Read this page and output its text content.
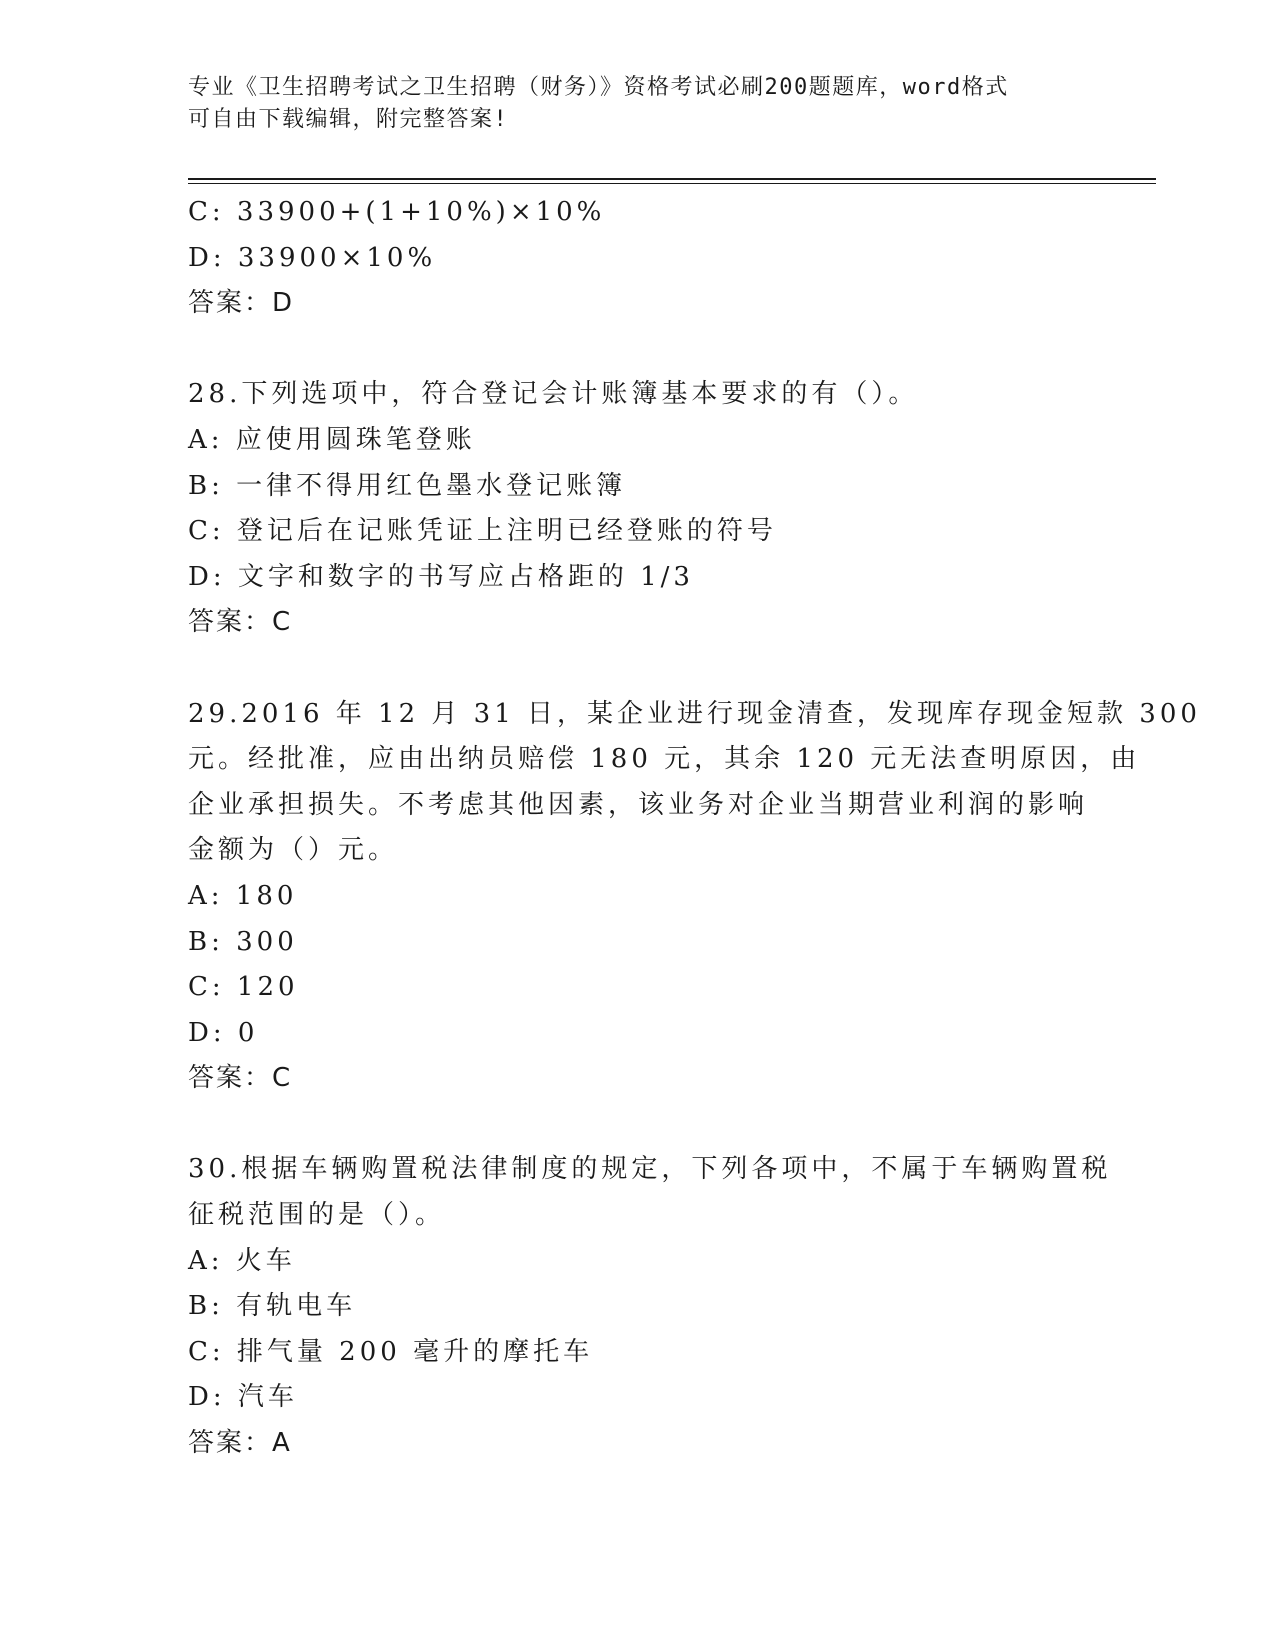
专业《卫生招聘考试之卫生招聘（财务）》资格考试必刷200题题库，word格式
可自由下载编辑，附完整答案!
C: 33900+(1+10%)×10%
D: 33900×10%
答案：D
28.下列选项中，符合登记会计账簿基本要求的有（）。
A: 应使用圆珠笔登账
B: 一律不得用红色墨水登记账簿
C: 登记后在记账凭证上注明已经登账的符号
D: 文字和数字的书写应占格距的 1/3
答案：C
29.2016 年 12 月 31 日，某企业进行现金清查，发现库存现金短款 300
元。经批准，应由出纳员赔偿 180 元，其余 120 元无法查明原因，由
企业承担损失。不考虑其他因素，该业务对企业当期营业利润的影响
金额为（）元。
A: 180
B: 300
C: 120
D: 0
答案：C
30.根据车辆购置税法律制度的规定，下列各项中，不属于车辆购置税
征税范围的是（）。
A: 火车
B: 有轨电车
C: 排气量 200 毫升的摩托车
D: 汽车
答案：A
